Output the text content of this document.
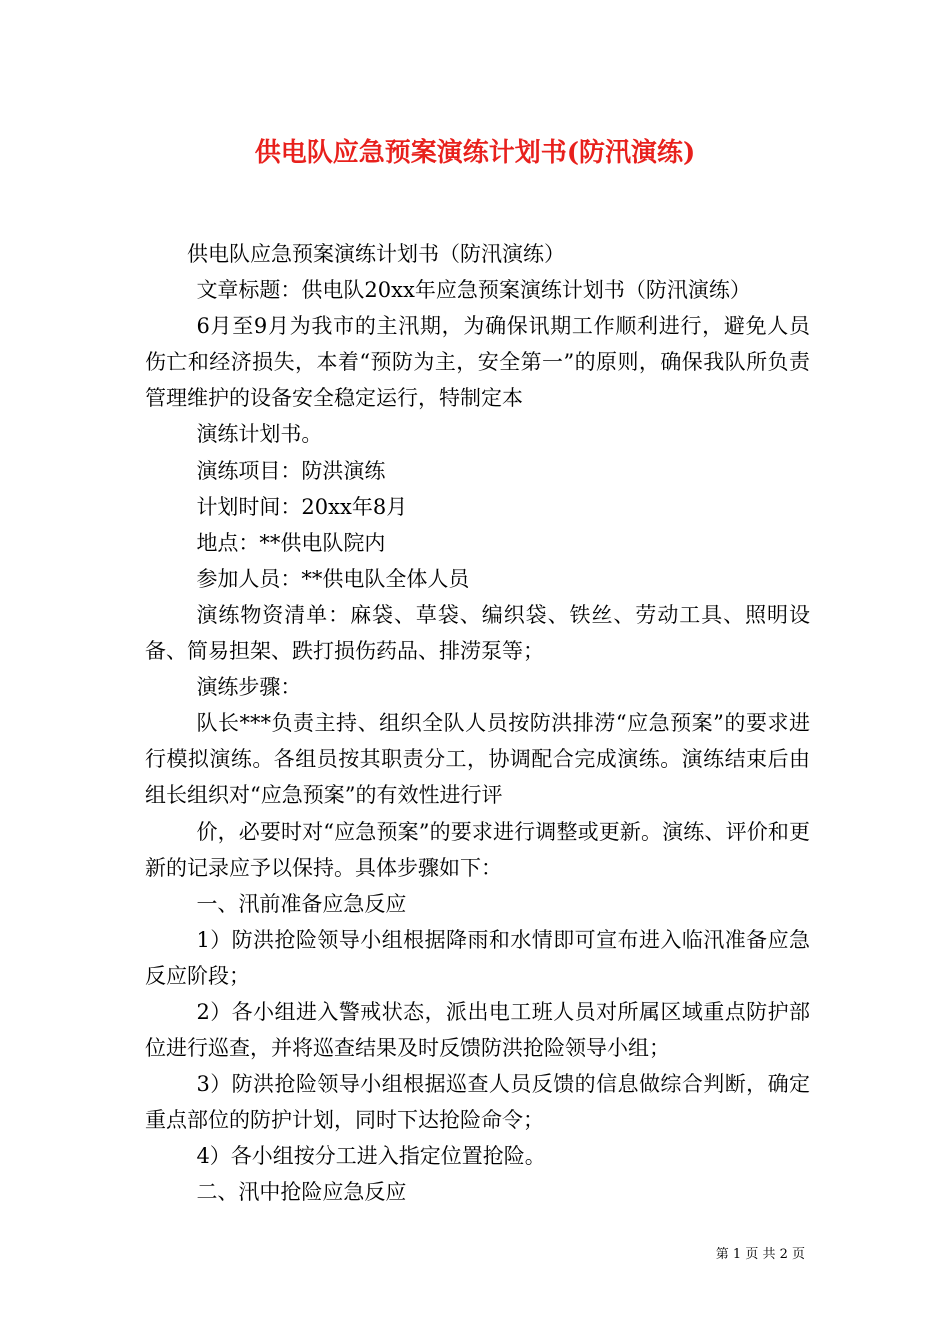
供电队应急预案演练计划书(防汛演练)

供电队应急预案演练计划书（防汛演练）

文章标题：供电队20xx年应急预案演练计划书（防汛演练）

6月至9月为我市的主汛期，为确保讯期工作顺利进行，避免人员伤亡和经济损失，本着“预防为主，安全第一”的原则，确保我队所负责管理维护的设备安全稳定运行，特制定本

演练计划书。

演练项目：防洪演练

计划时间：20xx年8月

地点：**供电队院内

参加人员：**供电队全体人员

演练物资清单：麻袋、草袋、编织袋、铁丝、劳动工具、照明设备、简易担架、跌打损伤药品、排涝泵等；

演练步骤：

队长***负责主持、组织全队人员按防洪排涝“应急预案”的要求进行模拟演练。各组员按其职责分工，协调配合完成演练。演练结束后由组长组织对“应急预案”的有效性进行评

价，必要时对“应急预案”的要求进行调整或更新。演练、评价和更新的记录应予以保持。具体步骤如下：

一、汛前准备应急反应

1）防洪抢险领导小组根据降雨和水情即可宣布进入临汛准备应急反应阶段；

2）各小组进入警戒状态，派出电工班人员对所属区域重点防护部位进行巡查，并将巡查结果及时反馈防洪抢险领导小组；

3）防洪抢险领导小组根据巡查人员反馈的信息做综合判断，确定重点部位的防护计划，同时下达抢险命令；

4）各小组按分工进入指定位置抢险。

二、汛中抢险应急反应

第 1 页 共 2 页
